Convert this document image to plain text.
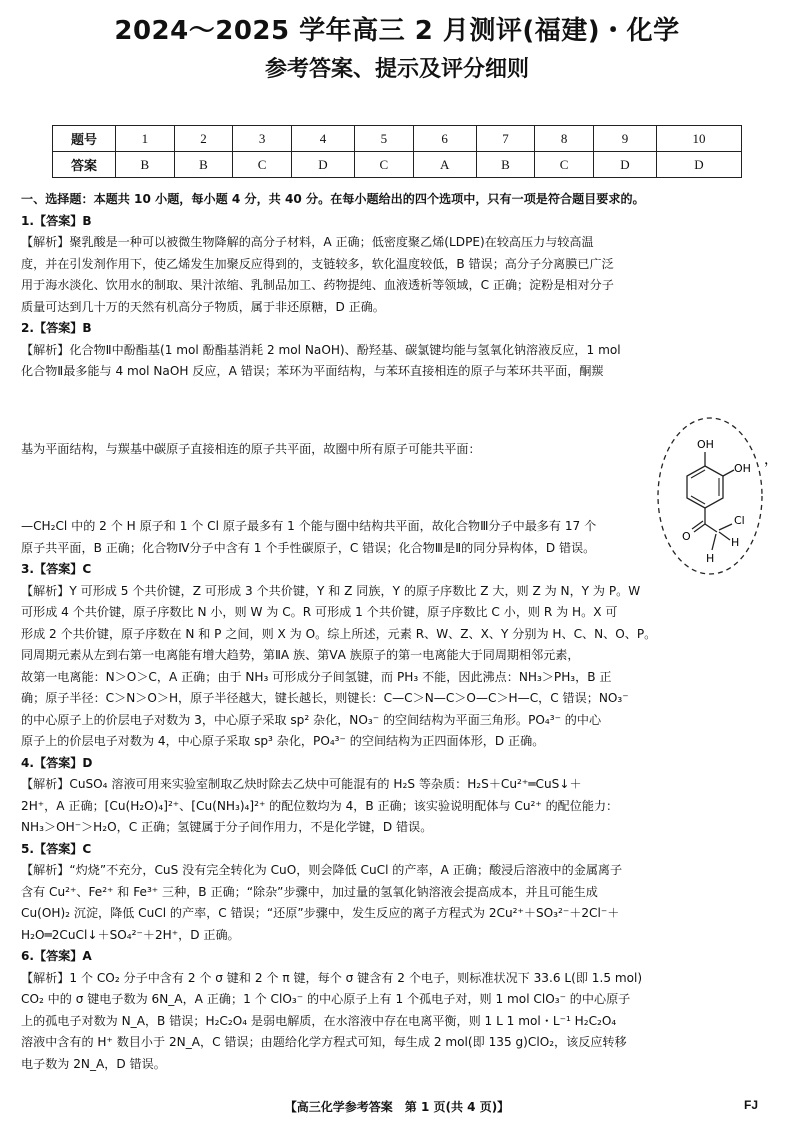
2024～2025 学年高三 2 月测评(福建)・化学
参考答案、提示及评分细则
题号	1	2	3	4	5	6	7	8	9	10
答案	B	B	C	D	C	A	B	C	D	D

一、选择题：本题共 10 小题，每小题 4 分，共 40 分。在每小题给出的四个选项中，只有一项是符合题目要求的。

1.【答案】B

【解析】聚乳酸是一种可以被微生物降解的高分子材料，A 正确；低密度聚乙烯(LDPE)在较高压力与较高温

度，并在引发剂作用下，使乙烯发生加聚反应得到的，支链较多，软化温度较低，B 错误；高分子分离膜已广泛

用于海水淡化、饮用水的制取、果汁浓缩、乳制品加工、药物提纯、血液透析等领域，C 正确；淀粉是相对分子

质量可达到几十万的天然有机高分子物质，属于非还原糖，D 正确。

2.【答案】B

【解析】化合物Ⅱ中酚酯基(1 mol 酚酯基消耗 2 mol NaOH)、酚羟基、碳氯键均能与氢氧化钠溶液反应，1 mol

化合物Ⅱ最多能与 4 mol NaOH 反应，A 错误；苯环为平面结构，与苯环直接相连的原子与苯环共平面，酮羰

基为平面结构，与羰基中碳原子直接相连的原子共平面，故圈中所有原子可能共平面：

—CH₂Cl 中的 2 个 H 原子和 1 个 Cl 原子最多有 1 个能与圈中结构共平面，故化合物Ⅲ分子中最多有 17 个

原子共平面，B 正确；化合物Ⅳ分子中含有 1 个手性碳原子，C 错误；化合物Ⅲ是Ⅱ的同分异构体，D 错误。

3.【答案】C

【解析】Y 可形成 5 个共价键，Z 可形成 3 个共价键，Y 和 Z 同族，Y 的原子序数比 Z 大，则 Z 为 N，Y 为 P。W

可形成 4 个共价键，原子序数比 N 小，则 W 为 C。R 可形成 1 个共价键，原子序数比 C 小，则 R 为 H。X 可

形成 2 个共价键，原子序数在 N 和 P 之间，则 X 为 O。综上所述，元素 R、W、Z、X、Y 分别为 H、C、N、O、P。

同周期元素从左到右第一电离能有增大趋势，第ⅡA 族、第ⅤA 族原子的第一电离能大于同周期相邻元素，

故第一电离能：N＞O＞C，A 正确；由于 NH₃ 可形成分子间氢键，而 PH₃ 不能，因此沸点：NH₃＞PH₃，B 正

确；原子半径：C＞N＞O＞H，原子半径越大，键长越长，则键长：C—C＞N—C＞O—C＞H—C，C 错误；NO₃⁻

的中心原子上的价层电子对数为 3，中心原子采取 sp² 杂化，NO₃⁻ 的空间结构为平面三角形。PO₄³⁻ 的中心

原子上的价层电子对数为 4，中心原子采取 sp³ 杂化，PO₄³⁻ 的空间结构为正四面体形，D 正确。

4.【答案】D

【解析】CuSO₄ 溶液可用来实验室制取乙炔时除去乙炔中可能混有的 H₂S 等杂质：H₂S＋Cu²⁺═CuS↓＋

2H⁺，A 正确；[Cu(H₂O)₄]²⁺、[Cu(NH₃)₄]²⁺ 的配位数均为 4，B 正确；该实验说明配体与 Cu²⁺ 的配位能力：

NH₃＞OH⁻＞H₂O，C 正确；氢键属于分子间作用力，不是化学键，D 错误。

5.【答案】C

【解析】“灼烧”不充分，CuS 没有完全转化为 CuO，则会降低 CuCl 的产率，A 正确；酸浸后溶液中的金属离子

含有 Cu²⁺、Fe²⁺ 和 Fe³⁺ 三种，B 正确；“除杂”步骤中，加过量的氢氧化钠溶液会提高成本，并且可能生成

Cu(OH)₂ 沉淀，降低 CuCl 的产率，C 错误；“还原”步骤中，发生反应的离子方程式为 2Cu²⁺＋SO₃²⁻＋2Cl⁻＋

H₂O═2CuCl↓＋SO₄²⁻＋2H⁺，D 正确。

6.【答案】A

【解析】1 个 CO₂ 分子中含有 2 个 σ 键和 2 个 π 键，每个 σ 键含有 2 个电子，则标准状况下 33.6 L(即 1.5 mol)

CO₂ 中的 σ 键电子数为 6N_A，A 正确；1 个 ClO₃⁻ 的中心原子上有 1 个孤电子对，则 1 mol ClO₃⁻ 的中心原子

上的孤电子对数为 N_A，B 错误；H₂C₂O₄ 是弱电解质，在水溶液中存在电离平衡，则 1 L 1 mol・L⁻¹ H₂C₂O₄

溶液中含有的 H⁺ 数目小于 2N_A，C 错误；由题给化学方程式可知，每生成 2 mol(即 135 g)ClO₂，该反应转移

电子数为 2N_A，D 错误。

OH
OH
O
Cl
H
H
，
【高三化学参考答案　第 1 页(共 4 页)】	FJ
